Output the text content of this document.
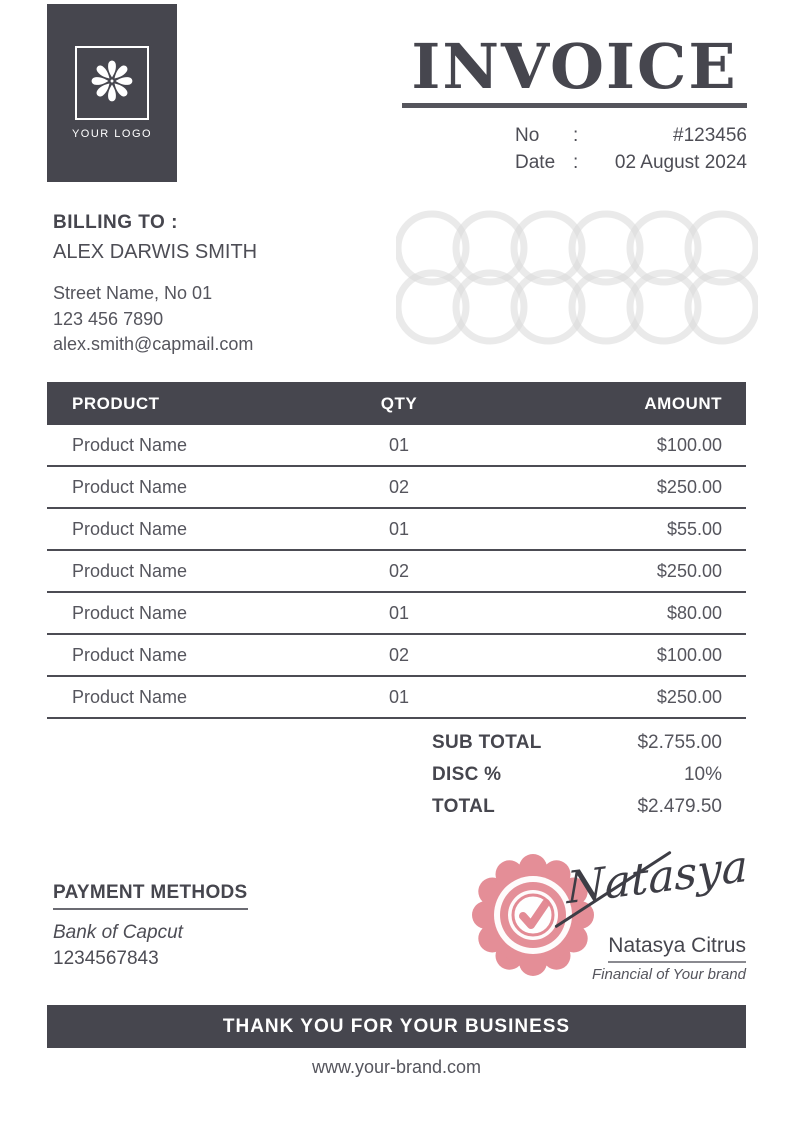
YOUR LOGO
INVOICE
No	:	#123456
Date :	02 August 2024
BILLING TO :
ALEX DARWIS SMITH
Street Name, No 01
123 456 7890
alex.smith@capmail.com
PRODUCT	QTY	AMOUNT
Product Name	01	$100.00
Product Name	02	$250.00
Product Name	01	$55.00
Product Name	02	$250.00
Product Name	01	$80.00
Product Name	02	$100.00
Product Name	01	$250.00
SUB TOTAL	$2.755.00
DISC %	10%
TOTAL	$2.479.50
PAYMENT METHODS
Bank of Capcut
1234567843
Natasya
Natasya Citrus
Financial of Your brand
THANK YOU FOR YOUR BUSINESS
www.your-brand.com
